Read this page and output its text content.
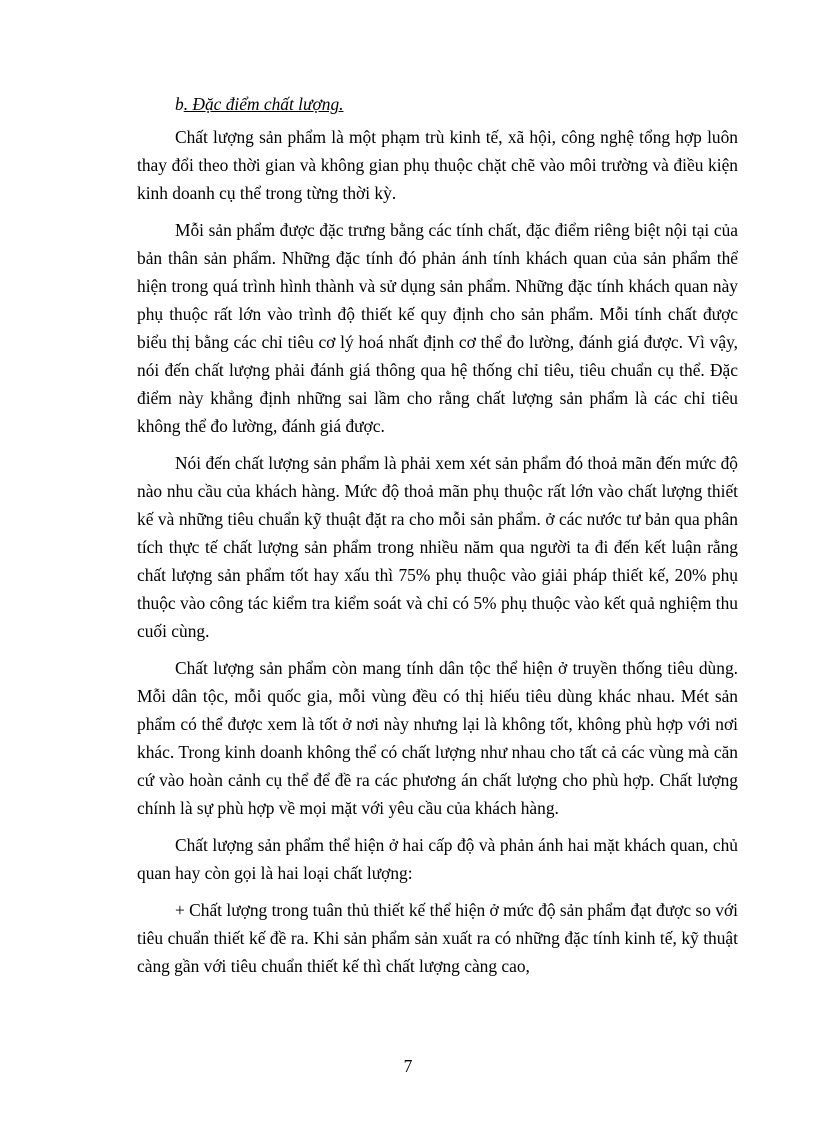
b. Đặc điểm chất lượng.

Chất lượng sản phẩm là một phạm trù kinh tế, xã hội, công nghệ tổng hợp luôn thay đổi theo thời gian và không gian phụ thuộc chặt chẽ vào môi trường và điều kiện kinh doanh cụ thể trong từng thời kỳ.

Mỗi sản phẩm được đặc trưng bằng các tính chất, đặc điểm riêng biệt nội tại của bản thân sản phẩm. Những đặc tính đó phản ánh tính khách quan của sản phẩm thể hiện trong quá trình hình thành và sử dụng sản phẩm. Những đặc tính khách quan này phụ thuộc rất lớn vào trình độ thiết kế quy định cho sản phẩm. Mỗi tính chất được biểu thị bằng các chỉ tiêu cơ lý hoá nhất định cơ thể đo lường, đánh giá được. Vì vậy, nói đến chất lượng phải đánh giá thông qua hệ thống chỉ tiêu, tiêu chuẩn cụ thể. Đặc điểm này khẳng định những sai lầm cho rằng chất lượng sản phẩm là các chỉ tiêu không thể đo lường, đánh giá được.

Nói đến chất lượng sản phẩm là phải xem xét sản phẩm đó thoả mãn đến mức độ nào nhu cầu của khách hàng. Mức độ thoả mãn phụ thuộc rất lớn vào chất lượng thiết kế và những tiêu chuẩn kỹ thuật đặt ra cho mỗi sản phẩm. ở các nước tư bản qua phân tích thực tế chất lượng sản phẩm trong nhiều năm qua người ta đi đến kết luận rằng chất lượng sản phẩm tốt hay xấu thì 75% phụ thuộc vào giải pháp thiết kế, 20% phụ thuộc vào công tác kiểm tra kiểm soát và chỉ có 5% phụ thuộc vào kết quả nghiệm thu cuối cùng.

Chất lượng sản phẩm còn mang tính dân tộc thể hiện ở truyền thống tiêu dùng. Mỗi dân tộc, mỗi quốc gia, mỗi vùng đều có thị hiếu tiêu dùng khác nhau. Mét sản phẩm có thể được xem là tốt ở nơi này nhưng lại là không tốt, không phù hợp với nơi khác. Trong kinh doanh không thể có chất lượng như nhau cho tất cả các vùng mà căn cứ vào hoàn cảnh cụ thể để đề ra các phương án chất lượng cho phù hợp. Chất lượng chính là sự phù hợp về mọi mặt với yêu cầu của khách hàng.

Chất lượng sản phẩm thể hiện ở hai cấp độ và phản ánh hai mặt khách quan, chủ quan hay còn gọi là hai loại chất lượng:

+ Chất lượng trong tuân thủ thiết kế thể hiện ở mức độ sản phẩm đạt được so với tiêu chuẩn thiết kế đề ra. Khi sản phẩm sản xuất ra có những đặc tính kinh tế, kỹ thuật càng gần với tiêu chuẩn thiết kế thì chất lượng càng cao,

7
